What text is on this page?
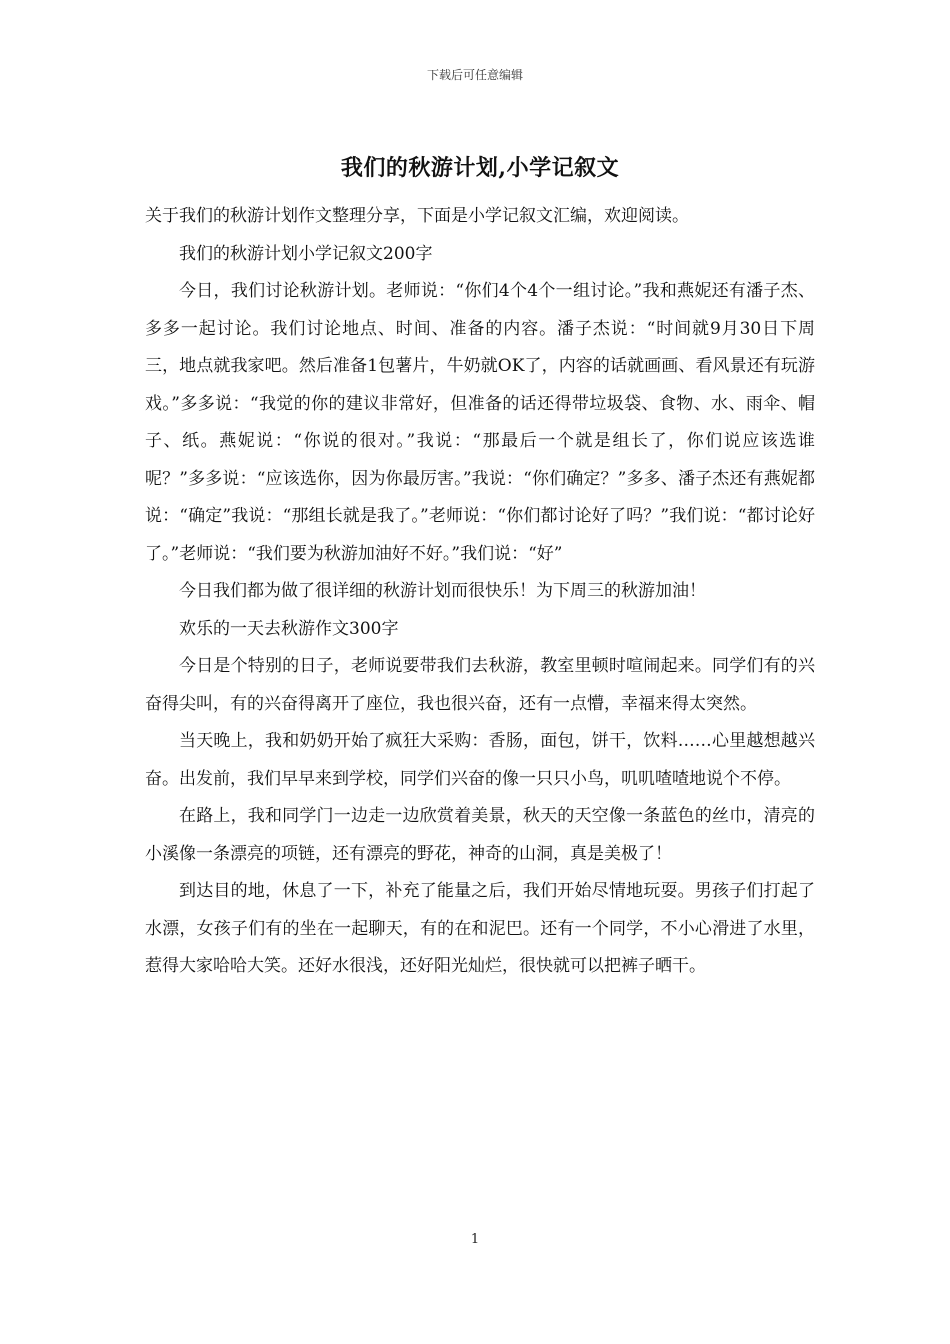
下载后可任意编辑
我们的秋游计划,小学记叙文

关于我们的秋游计划作文整理分享，下面是小学记叙文汇编，欢迎阅读。

我们的秋游计划小学记叙文200字

今日，我们讨论秋游计划。老师说：“你们4个4个一组讨论。”我和燕妮还有潘子杰、多多一起讨论。我们讨论地点、时间、准备的内容。潘子杰说：“时间就9月30日下周三，地点就我家吧。然后准备1包薯片，牛奶就OK了，内容的话就画画、看风景还有玩游戏。”多多说：“我觉的你的建议非常好，但准备的话还得带垃圾袋、食物、水、雨伞、帽子、纸。燕妮说：“你说的很对。”我说：“那最后一个就是组长了，你们说应该选谁呢？”多多说：“应该选你，因为你最厉害。”我说：“你们确定？”多多、潘子杰还有燕妮都说：“确定”我说：“那组长就是我了。”老师说：“你们都讨论好了吗？”我们说：“都讨论好了。”老师说：“我们要为秋游加油好不好。”我们说：“好”

今日我们都为做了很详细的秋游计划而很快乐！为下周三的秋游加油！

欢乐的一天去秋游作文300字

今日是个特别的日子，老师说要带我们去秋游，教室里顿时喧闹起来。同学们有的兴奋得尖叫，有的兴奋得离开了座位，我也很兴奋，还有一点懵，幸福来得太突然。

当天晚上，我和奶奶开始了疯狂大采购：香肠，面包，饼干，饮料……心里越想越兴奋。出发前，我们早早来到学校，同学们兴奋的像一只只小鸟，叽叽喳喳地说个不停。

在路上，我和同学门一边走一边欣赏着美景，秋天的天空像一条蓝色的丝巾，清亮的小溪像一条漂亮的项链，还有漂亮的野花，神奇的山洞，真是美极了！

到达目的地，休息了一下，补充了能量之后，我们开始尽情地玩耍。男孩子们打起了水漂，女孩子们有的坐在一起聊天，有的在和泥巴。还有一个同学，不小心滑进了水里，惹得大家哈哈大笑。还好水很浅，还好阳光灿烂，很快就可以把裤子晒干。

1
